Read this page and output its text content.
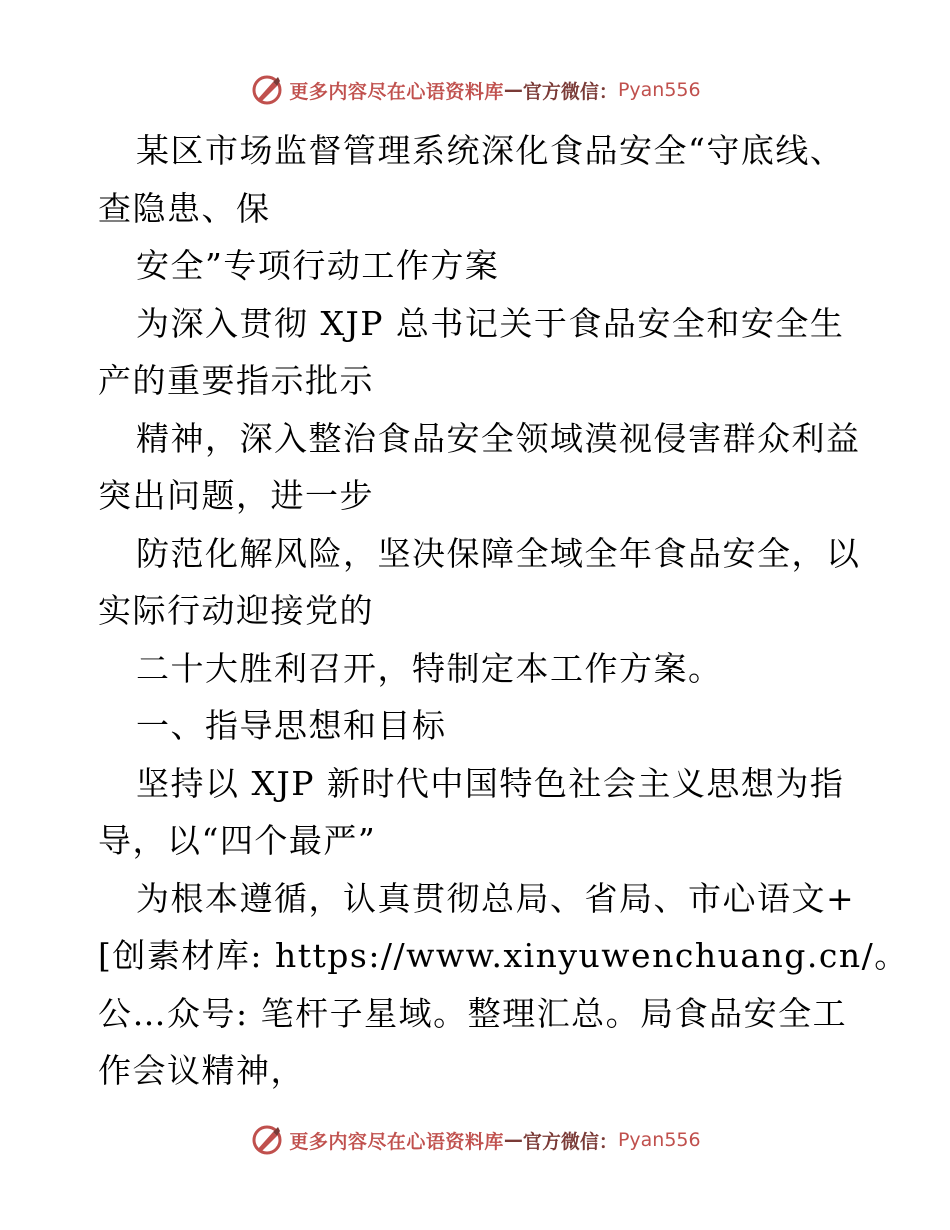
更多内容尽在心语资料库 — 官方微信： Pyan556
某区市场监督管理系统深化食品安全“守底线、
查隐患、保
安全”专项行动工作方案
为深入贯彻 XJP 总书记关于食品安全和安全生
产的重要指示批示
精神，深入整治食品安全领域漠视侵害群众利益
突出问题，进一步
防范化解风险，坚决保障全域全年食品安全，以
实际行动迎接党的
二十大胜利召开，特制定本工作方案。
一、指导思想和目标
坚持以 XJP 新时代中国特色社会主义思想为指
导，以“四个最严”
为根本遵循，认真贯彻总局、省局、市心语文+
[创素材库: https://www.xinyuwenchuang.cn/。
公…众号: 笔杆子星域。整理汇总。局食品安全工
作会议精神，
更多内容尽在心语资料库 — 官方微信： Pyan556
